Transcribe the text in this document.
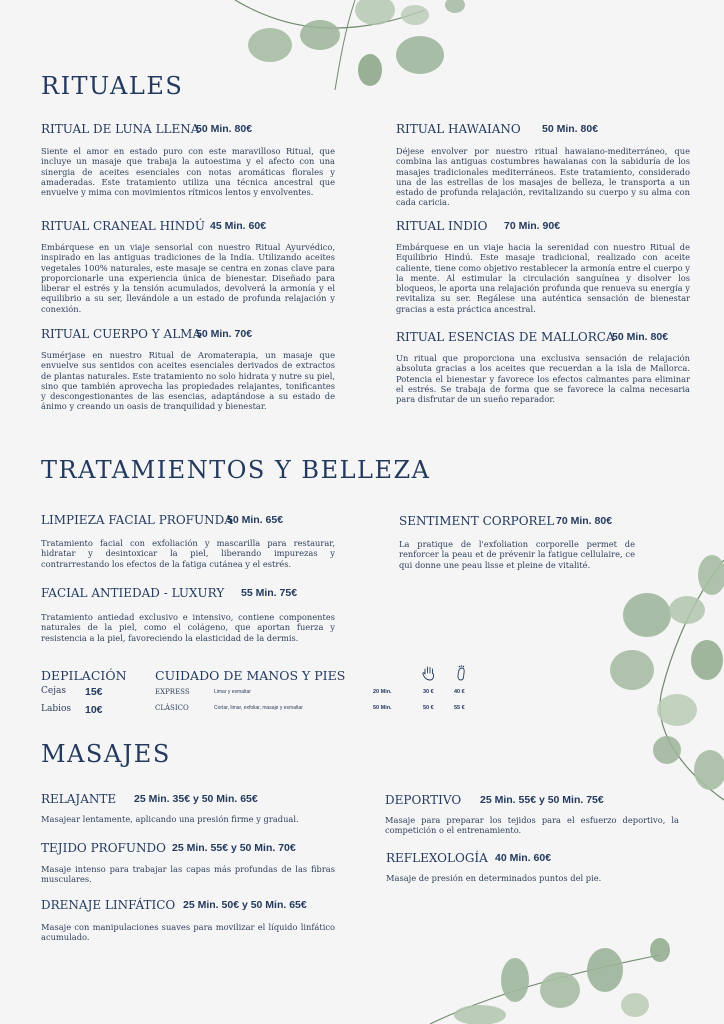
RITUALES
RITUAL DE LUNA LLENA
50 Min. 80€

Siente el amor en estado puro con este maravilloso Ritual, que incluye un masaje que trabaja la autoestima y el afecto con una sinergia de aceites esenciales con notas aromáticas florales y amaderadas. Este tratamiento utiliza una técnica ancestral que envuelve y mima con movimientos rítmicos lentos y envolventes.

RITUAL CRANEAL HINDÚ 45 Min. 60€

Embárquese en un viaje sensorial con nuestro Ritual Ayurvédico, inspirado en las antiguas tradiciones de la India. Utilizando aceites vegetales 100% naturales, este masaje se centra en zonas clave para proporcionarle una experiencia única de bienestar. Diseñado para liberar el estrés y la tensión acumulados, devolverá la armonía y el equilibrio a su ser, llevándole a un estado de profunda relajación y conexión.

RITUAL CUERPO Y ALMA
50 Min. 70€

Sumérjase en nuestro Ritual de Aromaterapia, un masaje que envuelve sus sentidos con aceites esenciales derivados de extractos de plantas naturales. Este tratamiento no solo hidrata y nutre su piel, sino que también aprovecha las propiedades relajantes, tonificantes y descongestionantes de las esencias, adaptándose a su estado de ánimo y creando un oasis de tranquilidad y bienestar.

RITUAL HAWAIANO 50 Min. 80€

Déjese envolver por nuestro ritual hawaiano-mediterráneo, que combina las antiguas costumbres hawaianas con la sabiduría de los masajes tradicionales mediterráneos. Este tratamiento, considerado una de las estrellas de los masajes de belleza, le transporta a un estado de profunda relajación, revitalizando su cuerpo y su alma con cada caricia.

RITUAL INDIO 70 Min. 90€

Embárquese en un viaje hacia la serenidad con nuestro Ritual de Equilibrio Hindú. Este masaje tradicional, realizado con aceite caliente, tiene como objetivo restablecer la armonía entre el cuerpo y la mente. Al estimular la circulación sanguínea y disolver los bloqueos, le aporta una relajación profunda que renueva su energía y revitaliza su ser. Regálese una auténtica sensación de bienestar gracias a esta práctica ancestral.

RITUAL ESENCIAS DE MALLORCA
50 Min. 80€

Un ritual que proporciona una exclusiva sensación de relajación absoluta gracias a los aceites que recuerdan a la isla de Mallorca. Potencia el bienestar y favorece los efectos calmantes para eliminar el estrés. Se trabaja de forma que se favorece la calma necesaria para disfrutar de un sueño reparador.

TRATAMIENTOS Y BELLEZA
LIMPIEZA FACIAL PROFUNDA
50 Min. 65€

Tratamiento facial con exfoliación y mascarilla para restaurar, hidratar y desintoxicar la piel, liberando impurezas y contrarrestando los efectos de la fatiga cutánea y el estrés.

FACIAL ANTIEDAD - LUXURY 55 Min. 75€

Tratamiento antiedad exclusivo e intensivo, contiene componentes naturales de la piel, como el colágeno, que aportan fuerza y resistencia a la piel, favoreciendo la elasticidad de la dermis.

SENTIMENT CORPOREL 70 Min. 80€

La pratique de l'exfoliation corporelle permet de renforcer la peau et de prévenir la fatigue cellulaire, ce qui donne une peau lisse et pleine de vitalité.

DEPILACIÓN
Cejas 15€
Labios 10€
CUIDADO DE MANOS Y PIES
EXPRESS	Limar y esmaltar	20 Min.	30 €	40 €
CLÁSICO	Cortar, limar, exfoliar, masaje y esmaltar	50 Min.	50 €	55 €
MASAJES
RELAJANTE 25 Min. 35€ y 50 Min. 65€

Masajear lentamente, aplicando una presión firme y gradual.

TEJIDO PROFUNDO 25 Min. 55€ y 50 Min. 70€

Masaje intenso para trabajar las capas más profundas de las fibras musculares.

DRENAJE LINFÁTICO 25 Min. 50€ y 50 Min. 65€

Masaje con manipulaciones suaves para movilizar el líquido linfático acumulado.

DEPORTIVO 25 Min. 55€ y 50 Min. 75€

Masaje para preparar los tejidos para el esfuerzo deportivo, la competición o el entrenamiento.

REFLEXOLOGÍA 40 Min. 60€

Masaje de presión en determinados puntos del pie.
